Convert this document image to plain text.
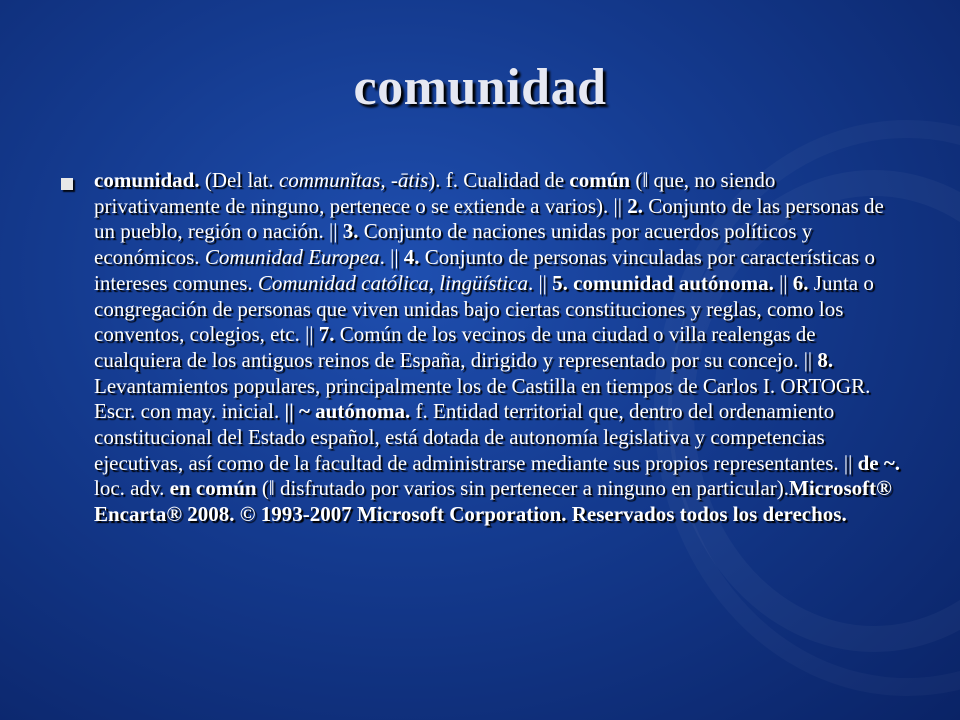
comunidad

comunidad. (Del lat. communĭtas, -ātis). f. Cualidad de común (ǁ que, no siendo privativamente de ninguno, pertenece o se extiende a varios). || 2. Conjunto de las personas de un pueblo, región o nación. || 3. Conjunto de naciones unidas por acuerdos políticos y económicos. Comunidad Europea. || 4. Conjunto de personas vinculadas por características o intereses comunes. Comunidad católica, lingüística. || 5. comunidad autónoma. || 6. Junta o congregación de personas que viven unidas bajo ciertas constituciones y reglas, como los conventos, colegios, etc. || 7. Común de los vecinos de una ciudad o villa realengas de cualquiera de los antiguos reinos de España, dirigido y representado por su concejo. || 8. Levantamientos populares, principalmente los de Castilla en tiempos de Carlos I. ORTOGR. Escr. con may. inicial. || ~ autónoma. f. Entidad territorial que, dentro del ordenamiento constitucional del Estado español, está dotada de autonomía legislativa y competencias ejecutivas, así como de la facultad de administrarse mediante sus propios representantes. || de ~. loc. adv. en común (ǁ disfrutado por varios sin pertenecer a ninguno en particular).Microsoft® Encarta® 2008. © 1993-2007 Microsoft Corporation. Reservados todos los derechos.
